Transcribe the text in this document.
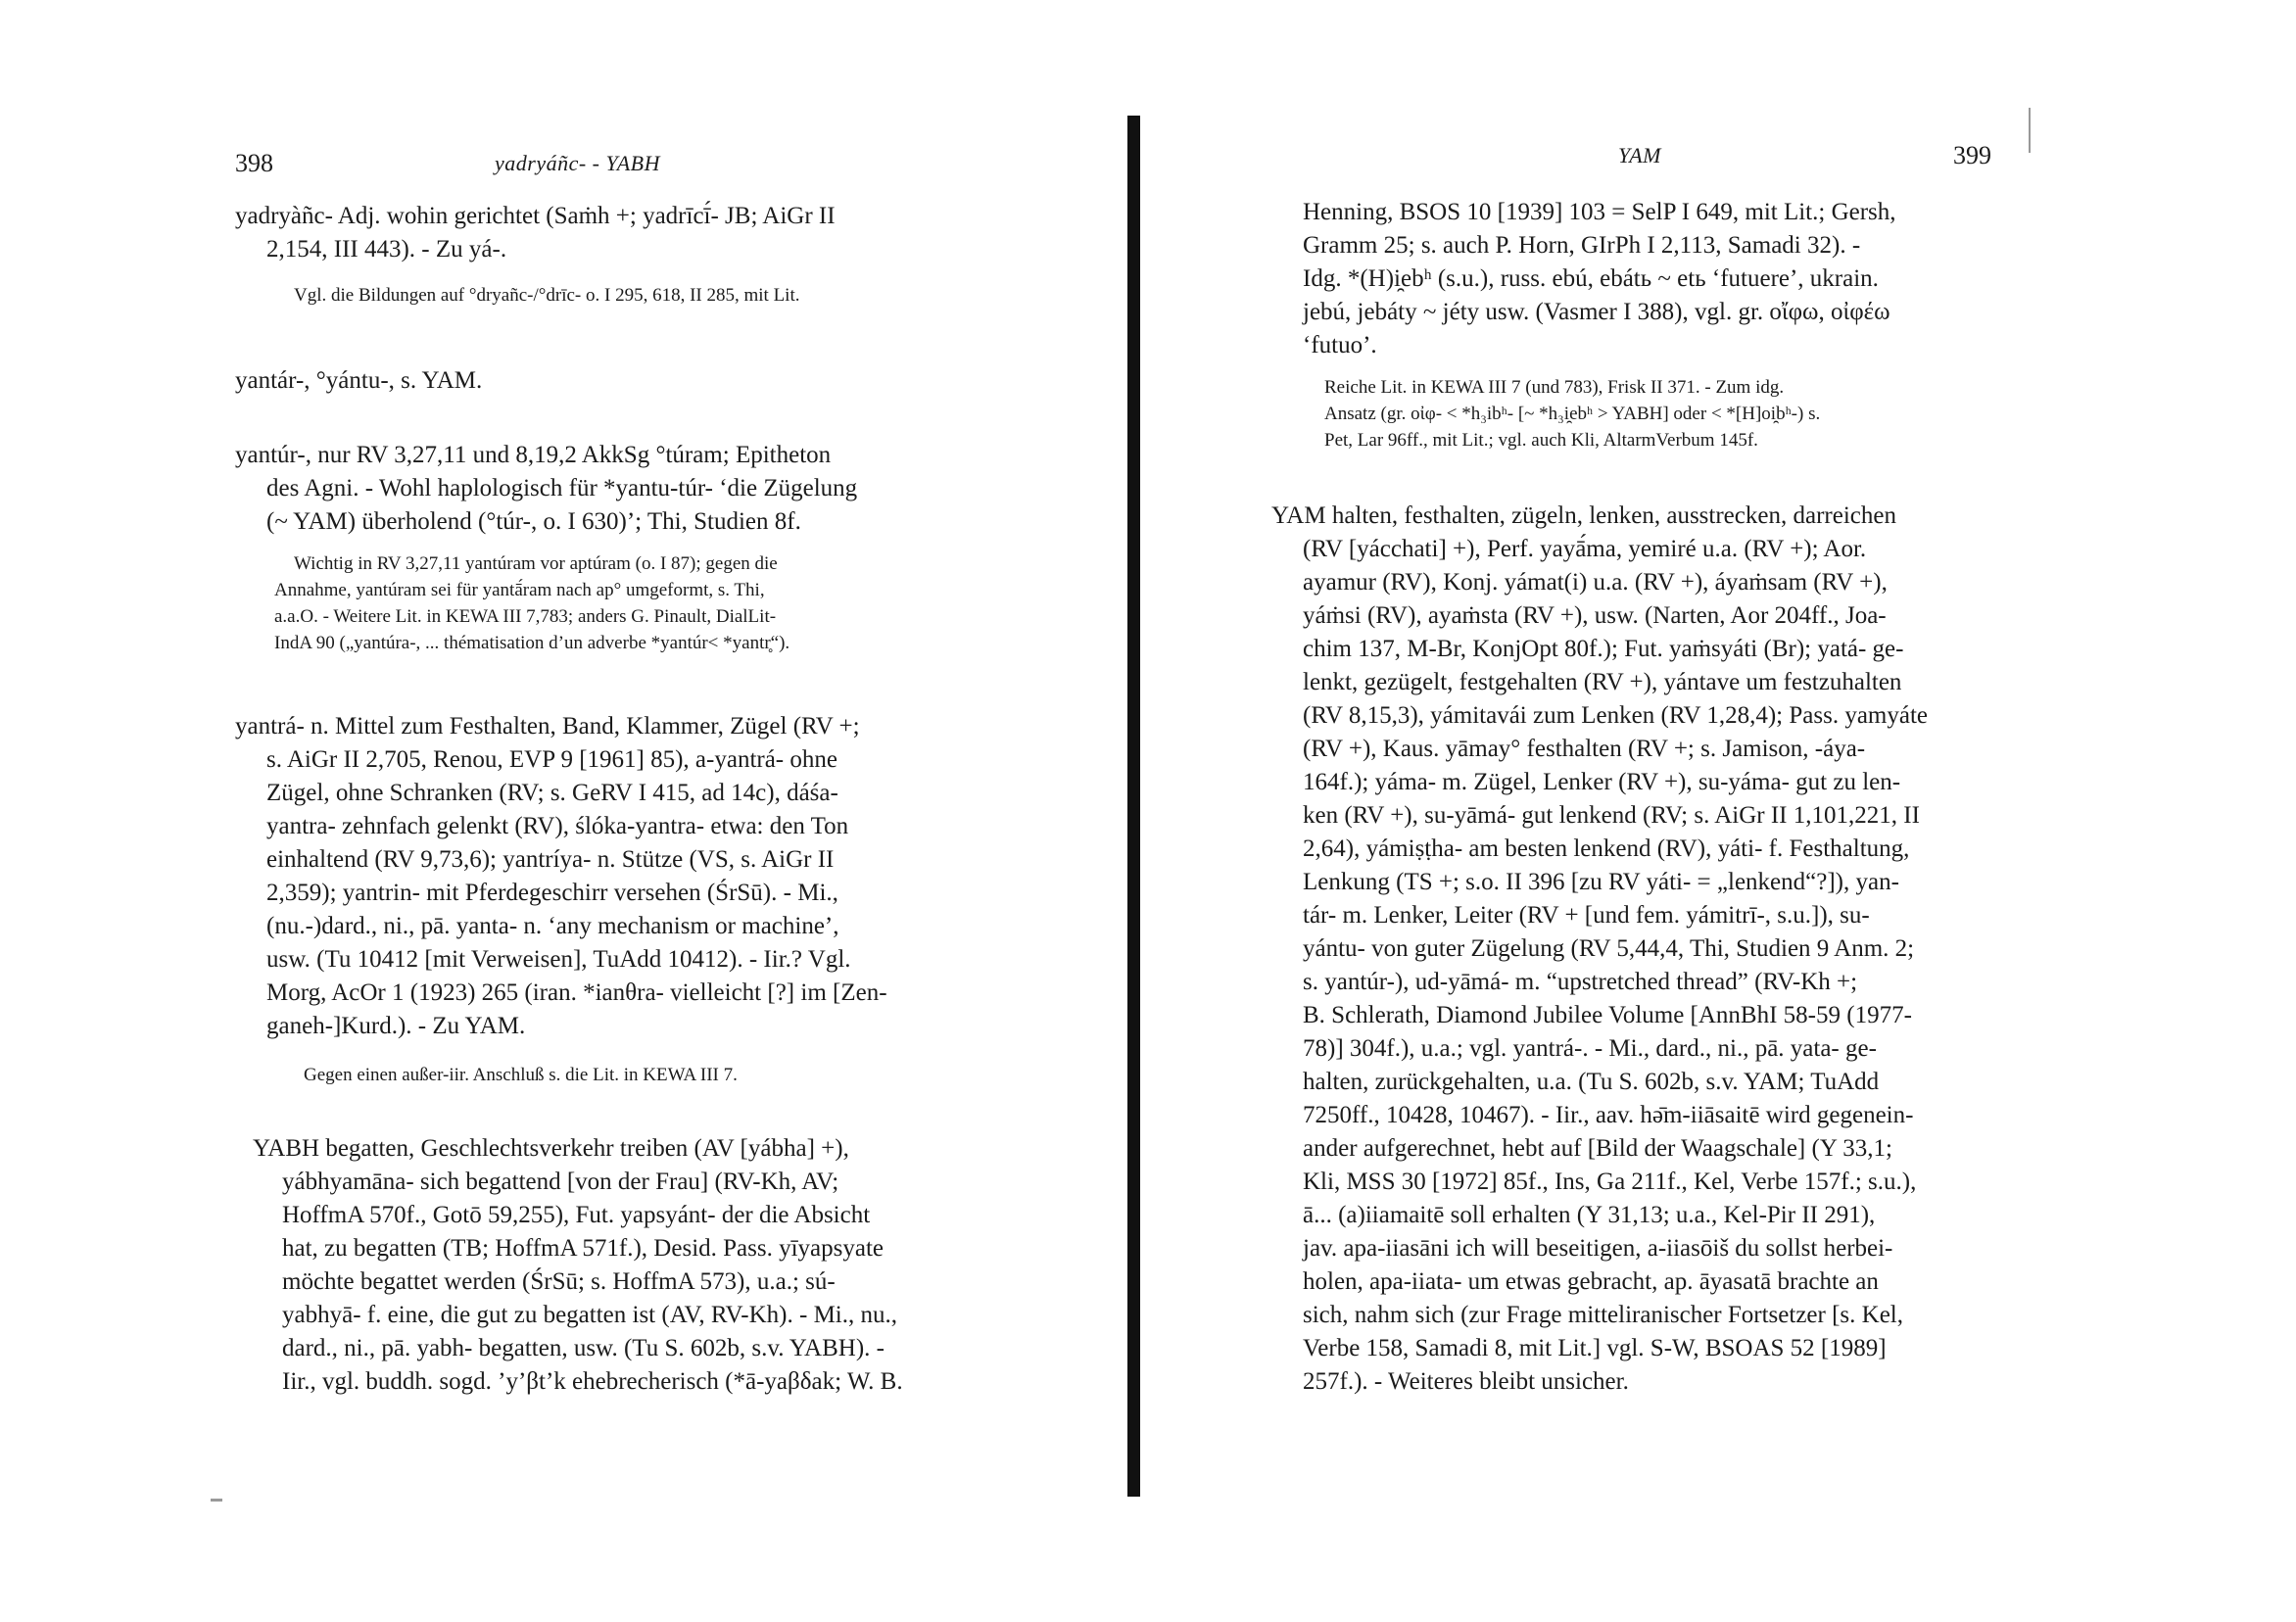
398	yadryáñc- - YABH
yadryàñc- Adj. wohin gerichtet (Saṁh +; yadrīcī́- JB; AiGr II
2,154, III 443). - Zu yá-.
Vgl. die Bildungen auf °dryañc-/°drīc- o. I 295, 618, II 285, mit Lit.
yantár-, °yántu-, s. YAM.
yantúr-, nur RV 3,27,11 und 8,19,2 AkkSg °túram; Epitheton
des Agni. - Wohl haplologisch für *yantu-túr- ‘die Zügelung
(~ YAM) überholend (°túr-, o. I 630)’; Thi, Studien 8f.
Wichtig in RV 3,27,11 yantúram vor aptúram (o. I 87); gegen die
Annahme, yantúram sei für yantā́ram nach ap° umgeformt, s. Thi,
a.a.O. - Weitere Lit. in KEWA III 7,783; anders G. Pinault, DialLit-
IndA 90 („yantúra-, ... thématisation d’un adverbe *yantúr< *yantr̥“).
yantrá- n. Mittel zum Festhalten, Band, Klammer, Zügel (RV +;
s. AiGr II 2,705, Renou, EVP 9 [1961] 85), a-yantrá- ohne
Zügel, ohne Schranken (RV; s. GeRV I 415, ad 14c), dáśa-
yantra- zehnfach gelenkt (RV), ślóka-yantra- etwa: den Ton
einhaltend (RV 9,73,6); yantríya- n. Stütze (VS, s. AiGr II
2,359); yantrin- mit Pferdegeschirr versehen (ŚrSū). - Mi.,
(nu.-)dard., ni., pā. yanta- n. ‘any mechanism or machine’,
usw. (Tu 10412 [mit Verweisen], TuAdd 10412). - Iir.? Vgl.
Morg, AcOr 1 (1923) 265 (iran. *ianθra- vielleicht [?] im [Zen-
ganeh-]Kurd.). - Zu YAM.
Gegen einen außer-iir. Anschluß s. die Lit. in KEWA III 7.
YABH begatten, Geschlechtsverkehr treiben (AV [yábha] +),
yábhyamāna- sich begattend [von der Frau] (RV-Kh, AV;
HoffmA 570f., Gotō 59,255), Fut. yapsyánt- der die Absicht
hat, zu begatten (TB; HoffmA 571f.), Desid. Pass. yīyapsyate
möchte begattet werden (ŚrSū; s. HoffmA 573), u.a.; sú-
yabhyā- f. eine, die gut zu begatten ist (AV, RV-Kh). - Mi., nu.,
dard., ni., pā. yabh- begatten, usw. (Tu S. 602b, s.v. YABH). -
Iir., vgl. buddh. sogd. ’y’βt’k ehebrecherisch (*ā-yaβδak; W. B.
YAM	399
Henning, BSOS 10 [1939] 103 = SelP I 649, mit Lit.; Gersh,
Gramm 25; s. auch P. Horn, GIrPh I 2,113, Samadi 32). -
Idg. *(H)i̯ebʰ (s.u.), russ. ebú, ebátь ~ etь ‘futuere’, ukrain.
jebú, jebáty ~ jéty usw. (Vasmer I 388), vgl. gr. οἴφω, οἰφέω
‘futuo’.
Reiche Lit. in KEWA III 7 (und 783), Frisk II 371. - Zum idg.
Ansatz (gr. οἰφ- < *h₃ibʰ- [~ *h₃i̯ebʰ > YABH] oder < *[H]oi̯bʰ-) s.
Pet, Lar 96ff., mit Lit.; vgl. auch Kli, AltarmVerbum 145f.
YAM halten, festhalten, zügeln, lenken, ausstrecken, darreichen
(RV [yácchati] +), Perf. yayā́ma, yemiré u.a. (RV +); Aor.
ayamur (RV), Konj. yámat(i) u.a. (RV +), áyaṁsam (RV +),
yáṁsi (RV), ayaṁsta (RV +), usw. (Narten, Aor 204ff., Joa-
chim 137, M-Br, KonjOpt 80f.); Fut. yaṁsyáti (Br); yatá- ge-
lenkt, gezügelt, festgehalten (RV +), yántave um festzuhalten
(RV 8,15,3), yámitavái zum Lenken (RV 1,28,4); Pass. yamyáte
(RV +), Kaus. yāmay° festhalten (RV +; s. Jamison, -áya-
164f.); yáma- m. Zügel, Lenker (RV +), su-yáma- gut zu len-
ken (RV +), su-yāmá- gut lenkend (RV; s. AiGr II 1,101,221, II
2,64), yámiṣṭha- am besten lenkend (RV), yáti- f. Festhaltung,
Lenkung (TS +; s.o. II 396 [zu RV yáti- = „lenkend“?]), yan-
tár- m. Lenker, Leiter (RV + [und fem. yámitrī-, s.u.]), su-
yántu- von guter Zügelung (RV 5,44,4, Thi, Studien 9 Anm. 2;
s. yantúr-), ud-yāmá- m. “upstretched thread” (RV-Kh +;
B. Schlerath, Diamond Jubilee Volume [AnnBhI 58-59 (1977-
78)] 304f.), u.a.; vgl. yantrá-. - Mi., dard., ni., pā. yata- ge-
halten, zurückgehalten, u.a. (Tu S. 602b, s.v. YAM; TuAdd
7250ff., 10428, 10467). - Iir., aav. hə̄m-iiāsaitē wird gegenein-
ander aufgerechnet, hebt auf [Bild der Waagschale] (Y 33,1;
Kli, MSS 30 [1972] 85f., Ins, Ga 211f., Kel, Verbe 157f.; s.u.),
ā... (a)iiamaitē soll erhalten (Y 31,13; u.a., Kel-Pir II 291),
jav. apa-iiasāni ich will beseitigen, a-iiasōiš du sollst herbei-
holen, apa-iiata- um etwas gebracht, ap. āyasatā brachte an
sich, nahm sich (zur Frage mitteliranischer Fortsetzer [s. Kel,
Verbe 158, Samadi 8, mit Lit.] vgl. S-W, BSOAS 52 [1989]
257f.). - Weiteres bleibt unsicher.
